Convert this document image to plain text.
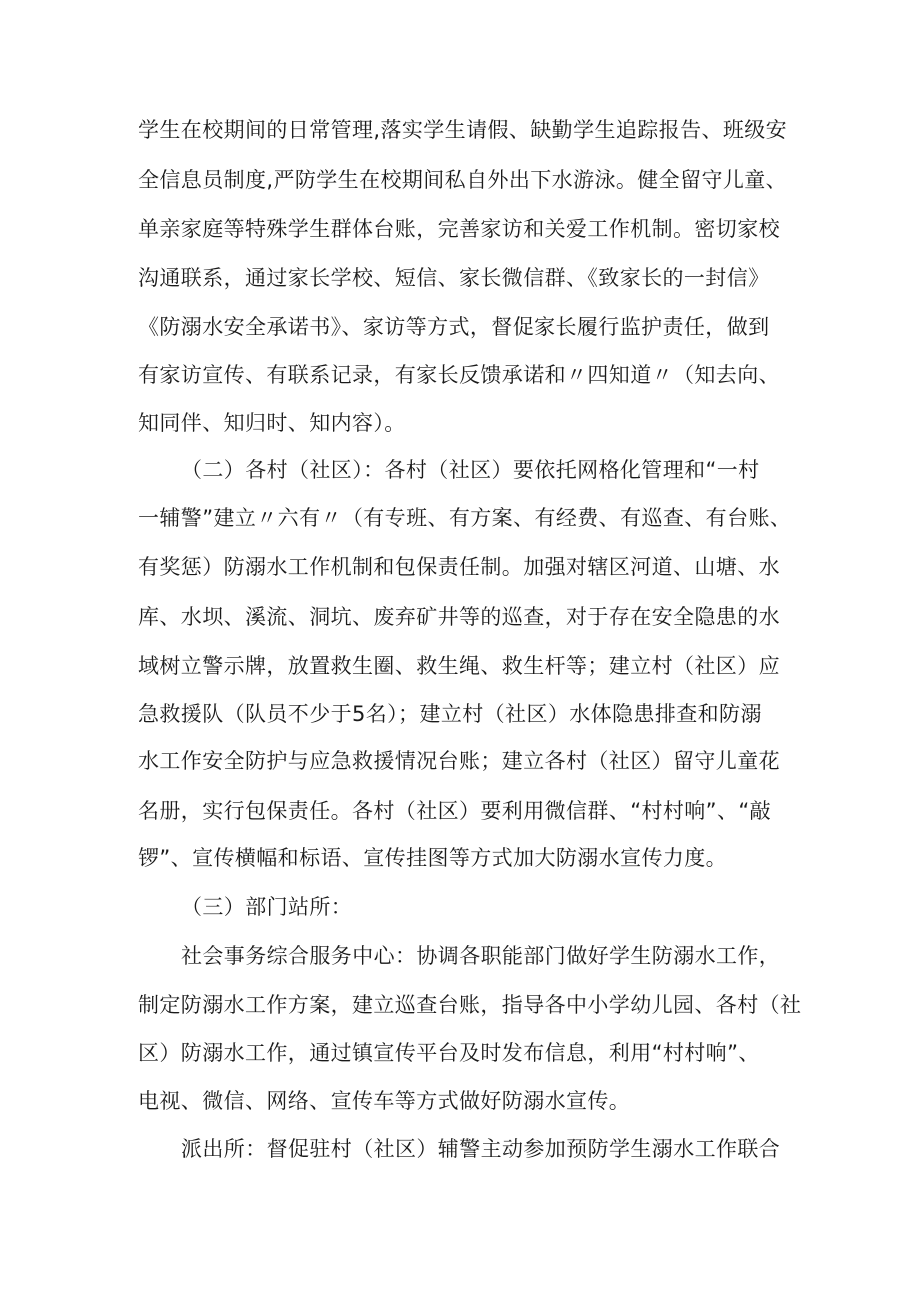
学生在校期间的日常管理,落实学生请假、缺勤学生追踪报告、班级安
全信息员制度,严防学生在校期间私自外出下水游泳。健全留守儿童、
单亲家庭等特殊学生群体台账，完善家访和关爱工作机制。密切家校
沟通联系，通过家长学校、短信、家长微信群、《致家长的一封信》
《防溺水安全承诺书》、家访等方式，督促家长履行监护责任，做到
有家访宣传、有联系记录，有家长反馈承诺和〃四知道〃（知去向、
知同伴、知归时、知内容）。
（二）各村（社区）：各村（社区）要依托网格化管理和“一村
一辅警”建立〃六有〃（有专班、有方案、有经费、有巡查、有台账、
有奖惩）防溺水工作机制和包保责任制。加强对辖区河道、山塘、水
库、水坝、溪流、洞坑、废弃矿井等的巡查，对于存在安全隐患的水
域树立警示牌，放置救生圈、救生绳、救生杆等；建立村（社区）应
急救援队（队员不少于5名）；建立村（社区）水体隐患排查和防溺
水工作安全防护与应急救援情况台账；建立各村（社区）留守儿童花
名册，实行包保责任。各村（社区）要利用微信群、“村村响”、“敲
锣”、宣传横幅和标语、宣传挂图等方式加大防溺水宣传力度。
（三）部门站所：
社会事务综合服务中心：协调各职能部门做好学生防溺水工作，
制定防溺水工作方案，建立巡查台账，指导各中小学幼儿园、各村（社
区）防溺水工作，通过镇宣传平台及时发布信息，利用“村村响”、
电视、微信、网络、宣传车等方式做好防溺水宣传。
派出所：督促驻村（社区）辅警主动参加预防学生溺水工作联合
